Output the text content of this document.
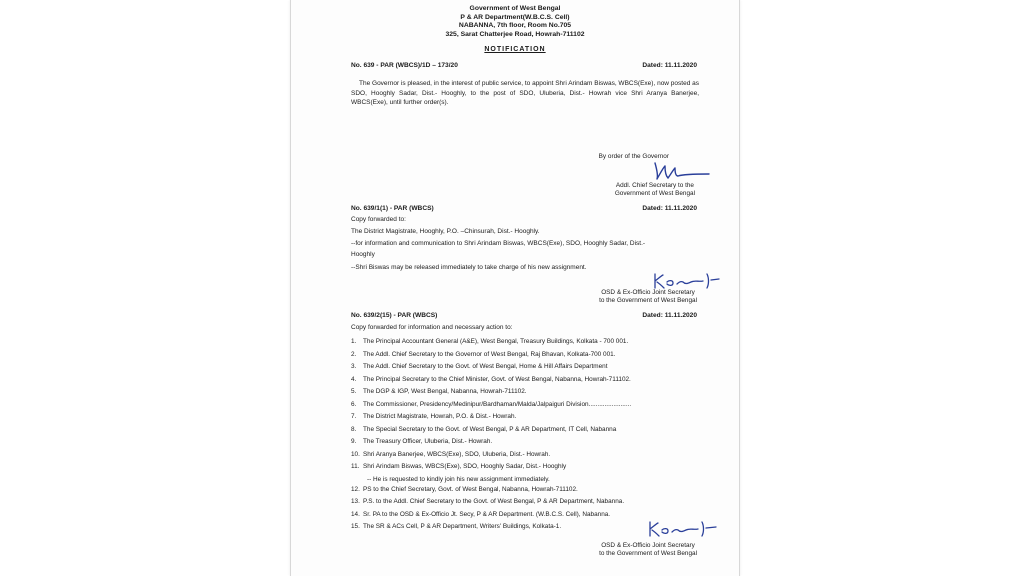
Government of West Bengal
P & AR Department(W.B.C.S. Cell)
NABANNA, 7th floor, Room No.705
325, Sarat Chatterjee Road, Howrah-711102
NOTIFICATION
No. 639 - PAR (WBCS)/1D – 173/20	Dated: 11.11.2020
The Governor is pleased, in the interest of public service, to appoint Shri Arindam Biswas, WBCS(Exe), now posted as SDO, Hooghly Sadar, Dist.- Hooghly, to the post of SDO, Uluberia, Dist.- Howrah vice Shri Aranya Banerjee, WBCS(Exe), until further order(s).
By order of the Governor
Addl. Chief Secretary to the
Government of West Bengal
No. 639/1(1) - PAR (WBCS)	Dated: 11.11.2020
Copy forwarded to:
The District Magistrate, Hooghly, P.O. –Chinsurah, Dist.- Hooghly.
--for information and communication to Shri Arindam Biswas, WBCS(Exe), SDO, Hooghly Sadar, Dist.-
Hooghly
--Shri Biswas may be released immediately to take charge of his new assignment.
OSD & Ex-Officio Joint Secretary
to the Government of West Bengal
No. 639/2(15) - PAR (WBCS)	Dated: 11.11.2020
Copy forwarded for information and necessary action to:
1. The Principal Accountant General (A&E), West Bengal, Treasury Buildings, Kolkata - 700 001.
2. The Addl. Chief Secretary to the Governor of West Bengal, Raj Bhavan, Kolkata-700 001.
3. The Addl. Chief Secretary to the Govt. of West Bengal, Home & Hill Affairs Department
4. The Principal Secretary to the Chief Minister, Govt. of West Bengal, Nabanna, Howrah-711102.
5. The DGP & IGP, West Bengal, Nabanna, Howrah-711102.
6. The Commissioner, Presidency/Medinipur/Bardhaman/Malda/Jalpaiguri Division........................
7. The District Magistrate, Howrah, P.O. & Dist.- Howrah.
8. The Special Secretary to the Govt. of West Bengal, P & AR Department, IT Cell, Nabanna
9. The Treasury Officer, Uluberia, Dist.- Howrah.
10. Shri Aranya Banerjee, WBCS(Exe), SDO, Uluberia, Dist.- Howrah.
11. Shri Arindam Biswas, WBCS(Exe), SDO, Hooghly Sadar, Dist.- Hooghly
-- He is requested to kindly join his new assignment immediately.
12. PS to the Chief Secretary, Govt. of West Bengal, Nabanna, Howrah-711102.
13. P.S. to the Addl. Chief Secretary to the Govt. of West Bengal, P & AR Department, Nabanna.
14. Sr. PA to the OSD & Ex-Officio Jt. Secy, P & AR Department. (W.B.C.S. Cell), Nabanna.
15. The SR & ACs Cell, P & AR Department, Writers' Buildings, Kolkata-1.
OSD & Ex-Officio Joint Secretary
to the Government of West Bengal
